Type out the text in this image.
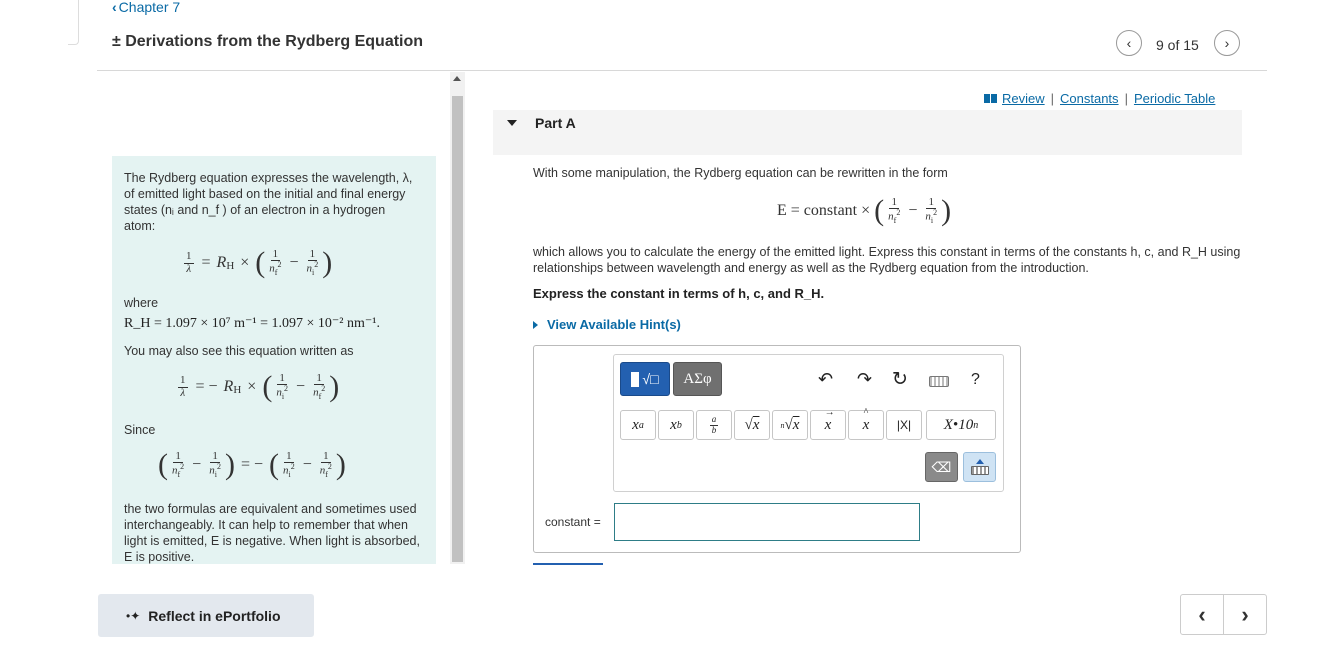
‹ Chapter 7
± Derivations from the Rydberg Equation	‹ 9 of 15 ›
The Rydberg equation expresses the wavelength, λ, of emitted light based on the initial and final energy states (nᵢ and n_f ) of an electron in a hydrogen atom:
$\frac{1}{\lambda} = R$ H × ( $\frac{1}{n_f^2} - \frac{1}{n_i^2}$ )
where
R_H = 1.097 × 10⁷ m⁻¹ = 1.097 × 10⁻² nm⁻¹.
You may also see this equation written as
$\frac{1}{\lambda}$ = − R H × ( $\frac{1}{n_i^2} - \frac{1}{n_f^2}$ )
Since
( $\frac{1}{n_f^2} - \frac{1}{n_i^2}$ ) = − ( $\frac{1}{n_i^2} - \frac{1}{n_f^2}$ )
the two formulas are equivalent and sometimes used interchangeably. It can help to remember that when light is emitted, E is negative. When light is absorbed, E is positive.
Review | Constants | Periodic Table
Part A
With some manipulation, the Rydberg equation can be rewritten in the form
E = constant × ( $\frac{1}{n_f^2} - \frac{1}{n_i^2}$ )
which allows you to calculate the energy of the emitted light. Express this constant in terms of the constants h, c, and R_H using relationships between wavelength and energy as well as the Rydberg equation from the introduction.
Express the constant in terms of h, c, and R_H.
View Available Hint(s)
√□ ΑΣφ	↶ ↷ ↻	?
x a x b	$\frac{a}{b}$	√ x	n √ x x
→
x
^
|X|	X • 10 n
⌫
constant =
•✦ Reflect in ePortfolio	‹ ›
